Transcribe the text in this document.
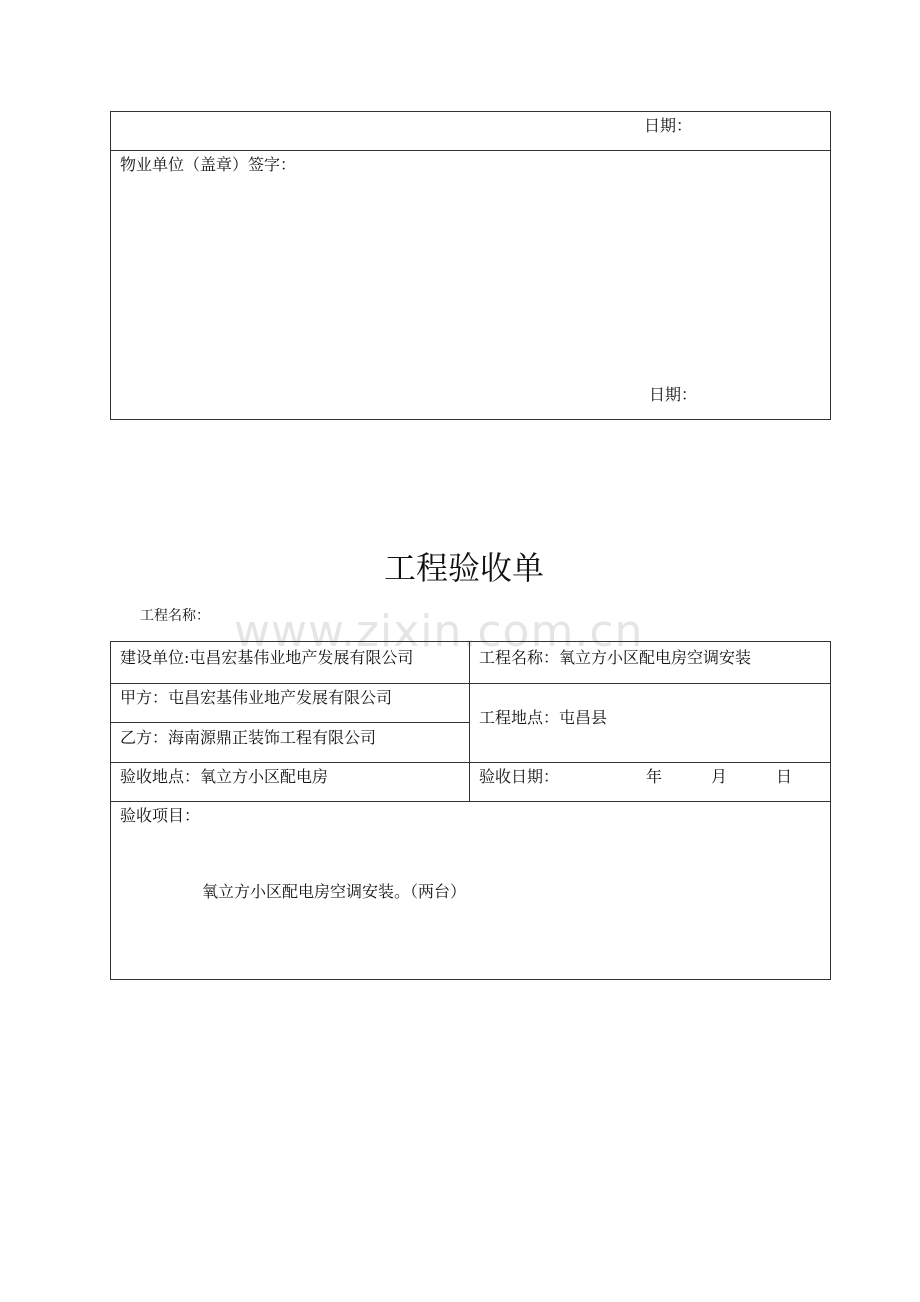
日期：
物业单位（盖章）签字：
日期：
工程验收单
www.zixin.com.cn
工程名称：
建设单位:屯昌宏基伟业地产发展有限公司	工程名称：氧立方小区配电房空调安装
甲方：屯昌宏基伟业地产发展有限公司
乙方：海南源鼎正装饰工程有限公司
工程地点：屯昌县
验收地点：氧立方小区配电房	验收日期：	年	月	日
验收项目：
氧立方小区配电房空调安装。（两台）
